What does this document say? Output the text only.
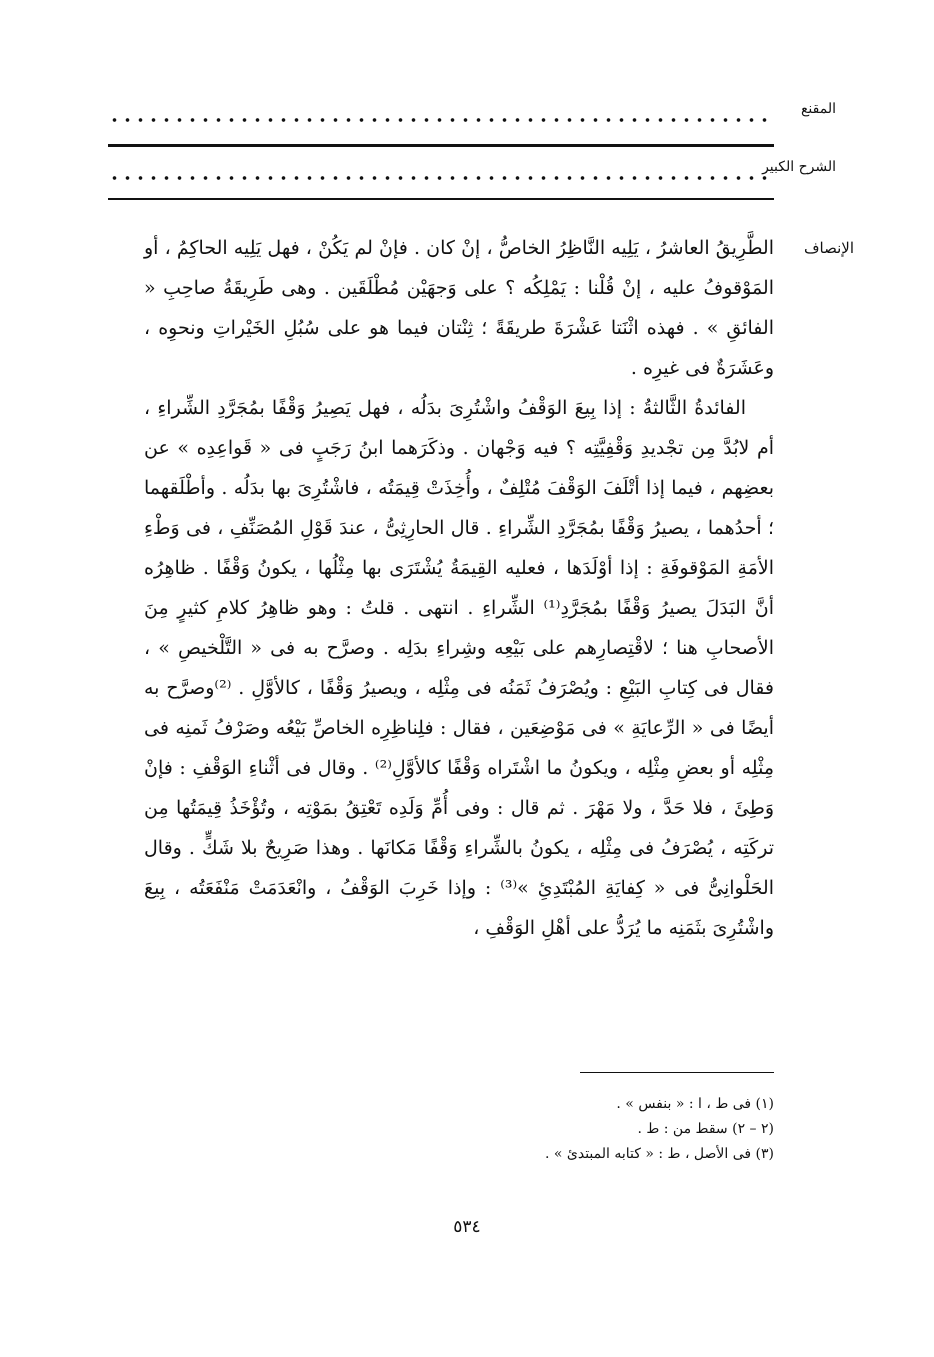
المقنع
الشرح الكبير
الإنصاف

الطَّرِيقُ العاشرُ ، يَلِيه النَّاظِرُ الخاصُّ ، إنْ كان . فإنْ لم يَكُنْ ، فهل يَلِيه الحاكِمُ ، أو المَوْقوفُ عليه ، إنْ قُلْنا : يَمْلِكُه ؟ على وَجهَيْن مُطْلَقَين . وهى طَرِيقَةُ صاحِبِ « الفائقِ » . فهذه اثْنَتا عَشْرَةَ طريقَةً ؛ ثِنْتان فيما هو على سُبُلِ الخَيْراتِ ونحوِه ، وعَشَرَةٌ فى غيرِه .

الفائدةُ الثَّالثةُ : إذا بِيعَ الوَقْفُ واشْتُرِىَ بدَلُه ، فهل يَصِيرُ وَقْفًا بمُجَرَّدِ الشِّراءِ ، أم لابُدَّ مِن تجْديدِ وَقْفِيَّتِه ؟ فيه وَجْهان . وذكَرَهما ابنُ رَجَبٍ فى « قَواعِدِه » عن بعضِهم ، فيما إذا أتْلَفَ الوَقْفَ مُتْلِفٌ ، وأُخِذَتْ قِيمَتُه ، فاشْتُرِىَ بها بدَلُه . وأطْلَقهما ؛ أحدُهما ، يصيرُ وَقْفًا بمُجَرَّدِ الشِّراءِ . قال الحارِثِىُّ ، عندَ قَوْلِ المُصَنِّفِ ، فى وَطْءِ الأمَةِ المَوْقوفَةِ : إذا أوْلَدَها ، فعليه القِيمَةُ يُشْتَرَى بها مِثْلُها ، يكونُ وَقْفًا . ظاهِرُه أنَّ البَدَلَ يصيرُ وَقْفًا بمُجَرَّدِ⁽¹⁾ الشِّراءِ . انتهى . قلتُ : وهو ظاهِرُ كلامِ كثيرٍ مِنَ الأصحابِ هنا ؛ لاقْتِصارِهم على بَيْعِه وشِراءِ بدَلِه . وصرَّح به فى « التَّلْخيصِ » ، فقال فى كِتابِ البَيْعِ : ويُصْرَفُ ثَمَنُه فى مِثْلِه ، ويصيرُ وَقْفًا ، كالأوَّلِ . ⁽²⁾وصرَّح به أيضًا فى « الرِّعايَةِ » فى مَوْضِعَين ، فقال : فلِناظِرِه الخاصِّ بَيْعُه وصَرْفُ ثَمنِه فى مِثْلِه أو بعضِ مِثْلِه ، ويكونُ ما اشْتَراه وَقْفًا كالأوَّلِ⁽²⁾ . وقال فى أثْناءِ الوَقْفِ : فإنْ وَطِئَ ، فلا حَدَّ ، ولا مَهْرَ . ثم قال : وفى أُمِّ وَلَدِه تَعْتِقُ بمَوْتِه ، وتُؤْخَذُ قِيمَتُها مِن تركَتِه ، يُصْرَفُ فى مِثْلِه ، يكونُ بالشِّراءِ وَقْفًا مَكانَها . وهذا صَرِيحٌ بلا شَكٍّ . وقال الحَلْوانِىُّ فى « كِفايَةِ المُبْتَدِئِ »⁽³⁾ : وإذا خَرِبَ الوَقْفُ ، وانْعَدَمَتْ مَنْفَعَتُه ، بِيعَ واشْتُرِىَ بثَمَنِه ما يُرَدُّ على أهْلِ الوَقْفِ ،

(١) فى ط ، ا : « بنفس » .
(٢ – ٢) سقط من : ط .
(٣) فى الأصل ، ط : « كتابه المبتدئ » .
٥٣٤
